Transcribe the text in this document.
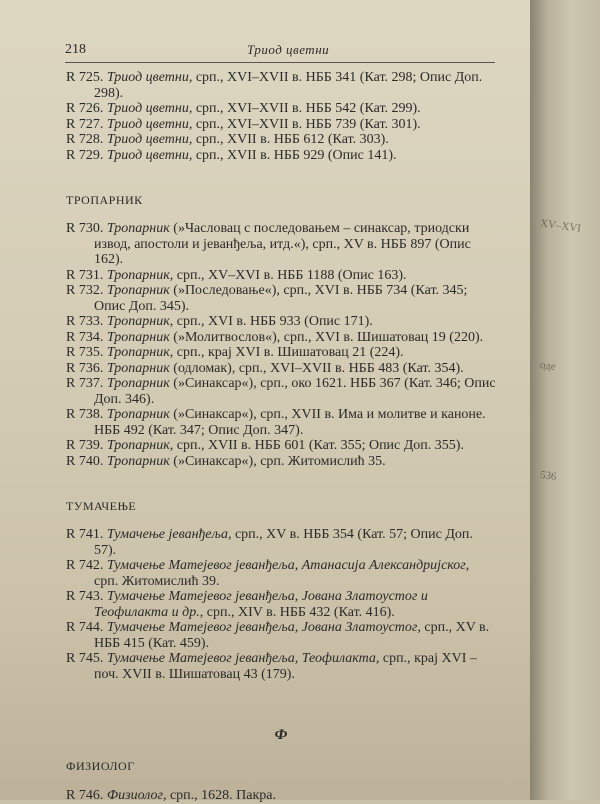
218	Триод цветни

R 725. Триод цветни, срп., XVI–XVII в. НББ 341 (Кат. 298; Опис Доп. 298).

R 726. Триод цветни, срп., XVI–XVII в. НББ 542 (Кат. 299).

R 727. Триод цветни, срп., XVI–XVII в. НББ 739 (Кат. 301).

R 728. Триод цветни, срп., XVII в. НББ 612 (Кат. 303).

R 729. Триод цветни, срп., XVII в. НББ 929 (Опис 141).

ТРОПАРНИК

R 730. Тропарник (»Часловац с последовањем – синаксар, триодски извод, апостоли и јеванђеља, итд.«), срп., XV в. НББ 897 (Опис 162).

R 731. Тропарник, срп., XV–XVI в. НББ 1188 (Опис 163).

R 732. Тропарник (»Последовање«), срп., XVI в. НББ 734 (Кат. 345; Опис Доп. 345).

R 733. Тропарник, срп., XVI в. НББ 933 (Опис 171).

R 734. Тропарник (»Молитвослов«), срп., XVI в. Шишатовац 19 (220).

R 735. Тропарник, срп., крај XVI в. Шишатовац 21 (224).

R 736. Тропарник (одломак), срп., XVI–XVII в. НББ 483 (Кат. 354).

R 737. Тропарник (»Синаксар«), срп., око 1621. НББ 367 (Кат. 346; Опис Доп. 346).

R 738. Тропарник (»Синаксар«), срп., XVII в. Има и молитве и каноне. НББ 492 (Кат. 347; Опис Доп. 347).

R 739. Тропарник, срп., XVII в. НББ 601 (Кат. 355; Опис Доп. 355).

R 740. Тропарник (»Синаксар«), срп. Житомислић 35.

ТУМАЧЕЊЕ

R 741. Тумачење јеванђеља, срп., XV в. НББ 354 (Кат. 57; Опис Доп. 57).

R 742. Тумачење Матејевог јеванђеља, Атанасија Александријског, срп. Житомислић 39.

R 743. Тумачење Матејевог јеванђеља, Јована Златоустог и Теофилакта и др., срп., XIV в. НББ 432 (Кат. 416).

R 744. Тумачење Матејевог јеванђеља, Јована Златоустог, срп., XV в. НББ 415 (Кат. 459).

R 745. Тумачење Матејевог јеванђеља, Теофилакта, срп., крај XVI – поч. XVII в. Шишатовац 43 (179).

Ф

ФИЗИОЛОГ

R 746. Физиолог, срп., 1628. Пакра.

XV–XVI
оде
536
